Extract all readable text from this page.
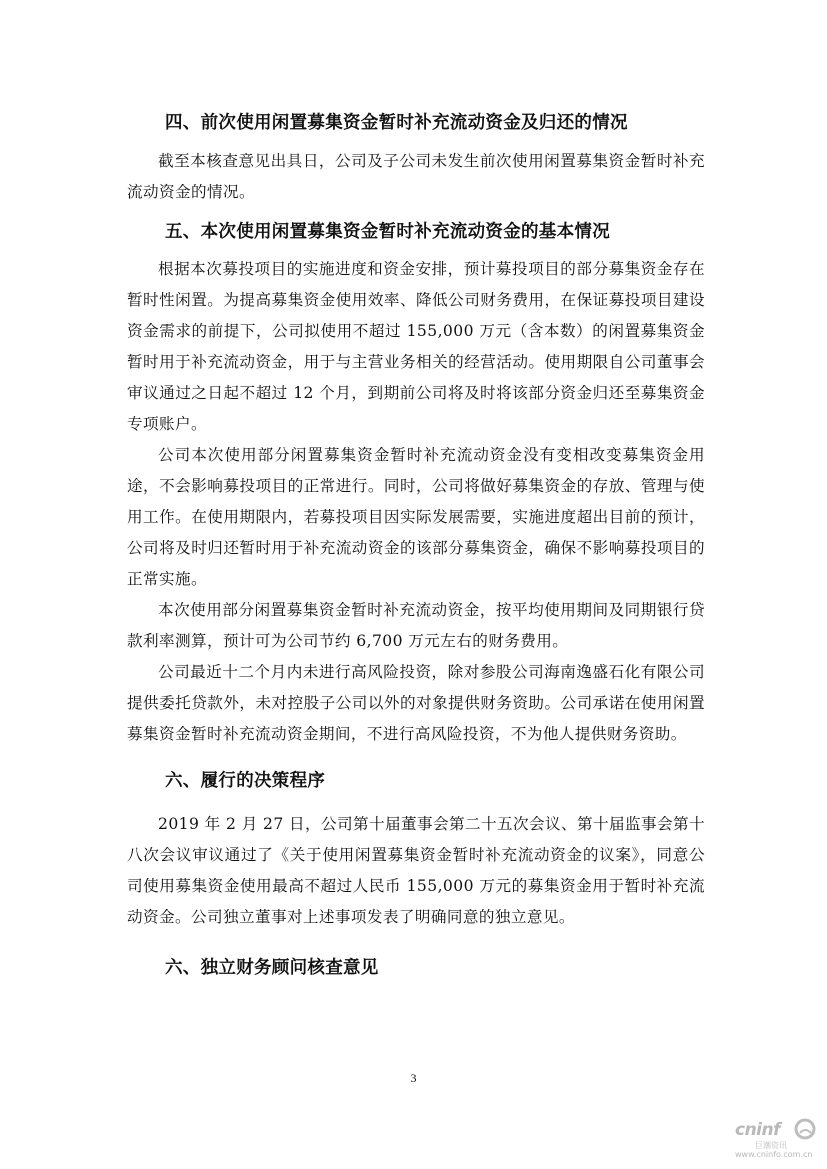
四、前次使用闲置募集资金暂时补充流动资金及归还的情况

截至本核查意见出具日，公司及子公司未发生前次使用闲置募集资金暂时补充流动资金的情况。

五、本次使用闲置募集资金暂时补充流动资金的基本情况

根据本次募投项目的实施进度和资金安排，预计募投项目的部分募集资金存在暂时性闲置。为提高募集资金使用效率、降低公司财务费用，在保证募投项目建设资金需求的前提下，公司拟使用不超过 155,000 万元（含本数）的闲置募集资金暂时用于补充流动资金，用于与主营业务相关的经营活动。使用期限自公司董事会审议通过之日起不超过 12 个月，到期前公司将及时将该部分资金归还至募集资金专项账户。

公司本次使用部分闲置募集资金暂时补充流动资金没有变相改变募集资金用途，不会影响募投项目的正常进行。同时，公司将做好募集资金的存放、管理与使用工作。在使用期限内，若募投项目因实际发展需要，实施进度超出目前的预计，公司将及时归还暂时用于补充流动资金的该部分募集资金，确保不影响募投项目的正常实施。

本次使用部分闲置募集资金暂时补充流动资金，按平均使用期间及同期银行贷款利率测算，预计可为公司节约 6,700 万元左右的财务费用。

公司最近十二个月内未进行高风险投资，除对参股公司海南逸盛石化有限公司提供委托贷款外，未对控股子公司以外的对象提供财务资助。公司承诺在使用闲置募集资金暂时补充流动资金期间，不进行高风险投资，不为他人提供财务资助。

六、履行的决策程序

2019 年 2 月 27 日，公司第十届董事会第二十五次会议、第十届监事会第十八次会议审议通过了《关于使用闲置募集资金暂时补充流动资金的议案》，同意公司使用募集资金使用最高不超过人民币 155,000 万元的募集资金用于暂时补充流动资金。公司独立董事对上述事项发表了明确同意的独立意见。

六、独立财务顾问核查意见
3
cninf
巨潮资讯
www.cninfo.com.cn
